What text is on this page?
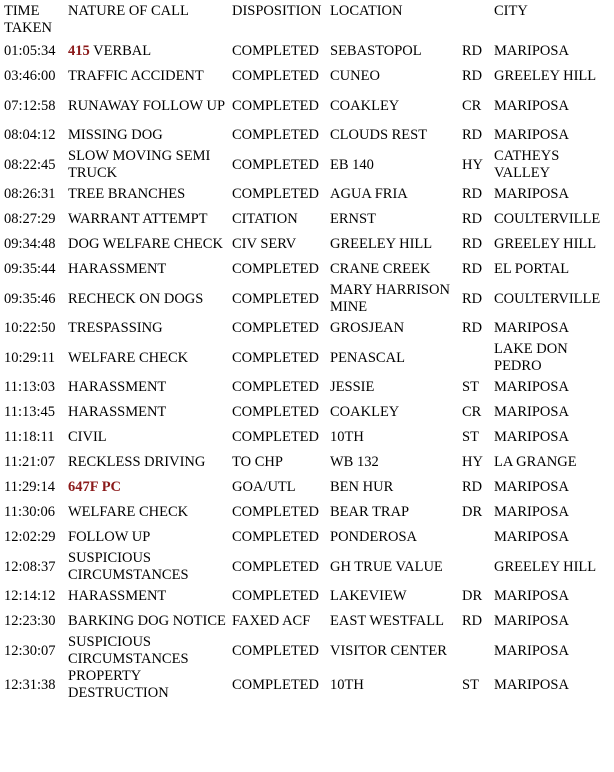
TIME TAKEN	NATURE OF CALL	DISPOSITION	LOCATION		CITY
01:05:34	415 VERBAL	COMPLETED	SEBASTOPOL	RD	MARIPOSA
03:46:00	TRAFFIC ACCIDENT	COMPLETED	CUNEO	RD	GREELEY HILL
07:12:58	RUNAWAY FOLLOW UP	COMPLETED	COAKLEY	CR	MARIPOSA
08:04:12	MISSING DOG	COMPLETED	CLOUDS REST	RD	MARIPOSA
08:22:45	SLOW MOVING SEMI TRUCK	COMPLETED	EB 140	HY	CATHEYS VALLEY
08:26:31	TREE BRANCHES	COMPLETED	AGUA FRIA	RD	MARIPOSA
08:27:29	WARRANT ATTEMPT	CITATION	ERNST	RD	COULTERVILLE
09:34:48	DOG WELFARE CHECK	CIV SERV	GREELEY HILL	RD	GREELEY HILL
09:35:44	HARASSMENT	COMPLETED	CRANE CREEK	RD	EL PORTAL
09:35:46	RECHECK ON DOGS	COMPLETED	MARY HARRISON MINE	RD	COULTERVILLE
10:22:50	TRESPASSING	COMPLETED	GROSJEAN	RD	MARIPOSA
10:29:11	WELFARE CHECK	COMPLETED	PENASCAL		LAKE DON PEDRO
11:13:03	HARASSMENT	COMPLETED	JESSIE	ST	MARIPOSA
11:13:45	HARASSMENT	COMPLETED	COAKLEY	CR	MARIPOSA
11:18:11	CIVIL	COMPLETED	10TH	ST	MARIPOSA
11:21:07	RECKLESS DRIVING	TO CHP	WB 132	HY	LA GRANGE
11:29:14	647F PC	GOA/UTL	BEN HUR	RD	MARIPOSA
11:30:06	WELFARE CHECK	COMPLETED	BEAR TRAP	DR	MARIPOSA
12:02:29	FOLLOW UP	COMPLETED	PONDEROSA		MARIPOSA
12:08:37	SUSPICIOUS CIRCUMSTANCES	COMPLETED	GH TRUE VALUE		GREELEY HILL
12:14:12	HARASSMENT	COMPLETED	LAKEVIEW	DR	MARIPOSA
12:23:30	BARKING DOG NOTICE	FAXED ACF	EAST WESTFALL	RD	MARIPOSA
12:30:07	SUSPICIOUS CIRCUMSTANCES	COMPLETED	VISITOR CENTER		MARIPOSA
12:31:38	PROPERTY DESTRUCTION	COMPLETED	10TH	ST	MARIPOSA
